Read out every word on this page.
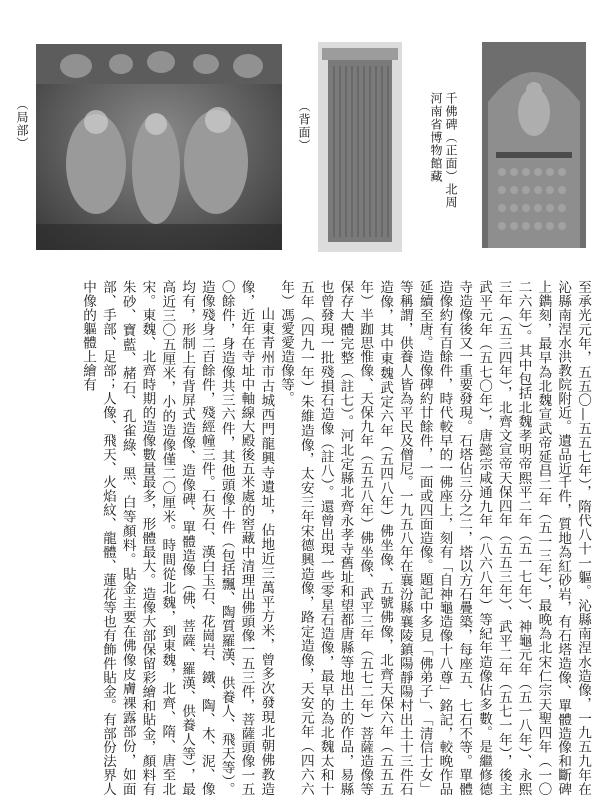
（局部）	（背面）	千佛碑（正面）北周　河南省博物館藏

至承光元年，五五〇—五五七年），隋代八十一軀。沁縣南涅水造像，一九五九年在沁縣南涅水洪教院附近。遺品近千件，質地為紅砂岩，有石塔造像、單體造像和斷碑上鐫刻，最早為北魏宣武帝延昌二年（五一三年），最晚為北宋仁宗天聖四年（一〇二六年）。其中包括北魏孝明帝熙平二年（五一七年）、神龜元年（五一八年）、永熙三年（五三四年），北齊文宣帝天保四年（五五三年）、武平二年（五七一年），後主武平元年（五七〇年），唐懿宗咸通九年（八六八年）等紀年造像佔多數。是繼修德寺造像後又一重要發現。石塔佔三分之二，塔以方石疊築，每座五、七石不等。單體造像約有百餘件，時代較早的一佛座上，刻有「自神龜造像十八尊」銘記，較晚作品延續至唐。造像碑約廿餘件，一面或四面造像。題記中多見「佛弟子」、「清信士女」等稱謂，供養人皆為平民及僧尼。一九五八年在襄汾縣襄陵鎮陽靜陽村出土十三件石造像，其中東魏武定六年（五四八年）佛坐像、五號佛像，北齊天保六年（五五五年）半跏思惟像、天保九年（五五八年）佛坐像、武平三年（五七二年）菩薩造像等保存大體完整（註七）。河北定縣北齊永孝寺舊址和望都唐縣等地出土的作品，易縣也曾發現一批殘損石造像（註八）。還曾出現一些零星石造像，最早的為北魏太和十五年（四九一年）朱維造像，太安三年宋德興造像，路定造像，天安元年（四六六年）馮愛愛造像等。

山東青州市古城西門龍興寺遺址，佔地近三萬平方米，曾多次發現北朝佛教造像，近年在寺址中軸線大殿後五米處的窖藏中清理出佛頭像一五三件，菩薩頭像一五〇餘件，身造像共三六件，其他頭像十件（包括飄、陶質羅漢、供養人、飛天等）。造像殘身二百餘件，殘經幢三件。石灰石、漢白玉石、花崗岩、鐵、陶、木、泥、像均有，形制上有背屏式造像、造像碑、單體造像（佛、菩薩、羅漢、供養人等），最高近三〇五厘米，小的造像僅二〇厘米。時間從北魏，到東魏，北齊、隋、唐至北宋。東魏、北齊時期的造像數量最多，形體最大。造像大部保留彩繪和貼金，顏料有朱砂、寶藍、赭石、孔雀綠、黑、白等顏料。貼金主要在佛像皮膚裸露部份，如面部、手部、足部；人像、飛天、火焰紋、龍體、蓮花等也有飾件貼金。有部份法界人中像的軀體上繪有
